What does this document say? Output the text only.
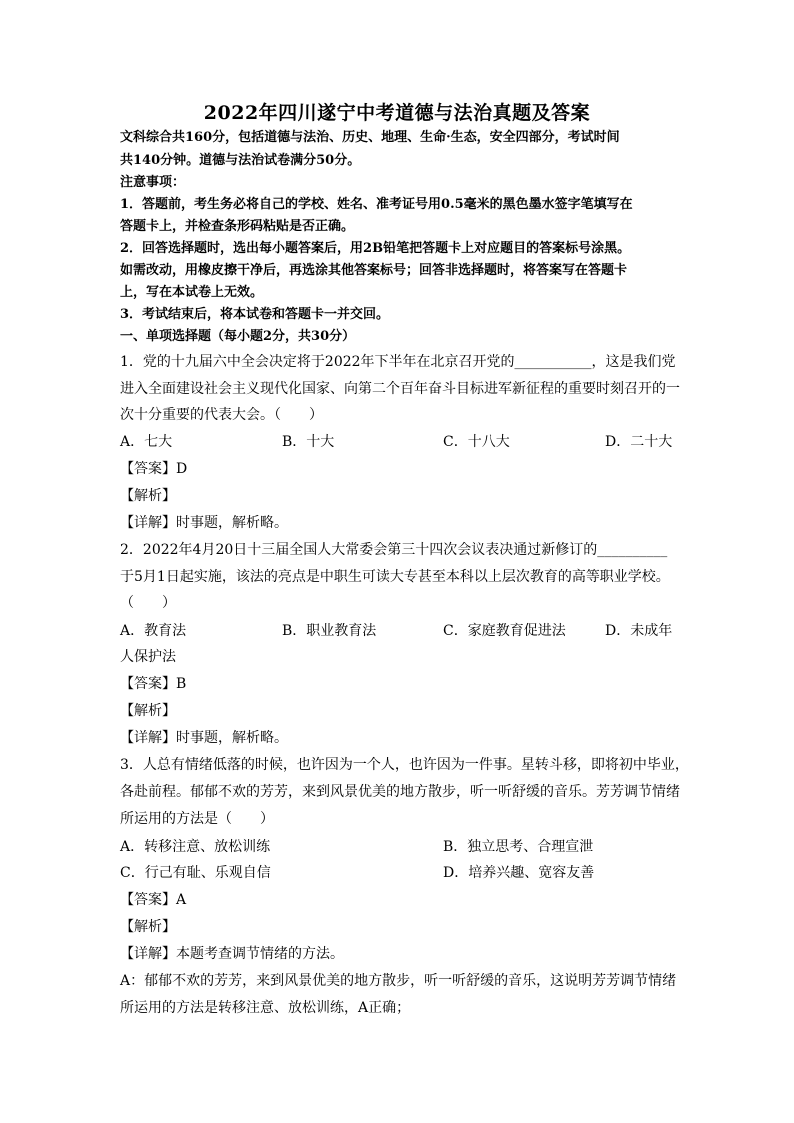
2022年四川遂宁中考道德与法治真题及答案
文科综合共160分，包括道德与法治、历史、地理、生命·生态，安全四部分，考试时间
共140分钟。道德与法治试卷满分50分。
注意事项：
1．答题前，考生务必将自己的学校、姓名、准考证号用0.5毫米的黑色墨水签字笔填写在
答题卡上，并检查条形码粘贴是否正确。
2．回答选择题时，选出每小题答案后，用2B铅笔把答题卡上对应题目的答案标号涂黑。
如需改动，用橡皮擦干净后，再选涂其他答案标号；回答非选择题时，将答案写在答题卡
上，写在本试卷上无效。
3．考试结束后，将本试卷和答题卡一并交回。
一、单项选择题（每小题2分，共30分）
1．党的十九届六中全会决定将于2022年下半年在北京召开党的___________，这是我们党
进入全面建设社会主义现代化国家、向第二个百年奋斗目标进军新征程的重要时刻召开的一
次十分重要的代表大会。（　　）
A．七大	B．十大	C．十八大	D．二十大
【答案】D
【解析】
【详解】时事题，解析略。
2．2022年4月20日十三届全国人大常委会第三十四次会议表决通过新修订的__________
于5月1日起实施，该法的亮点是中职生可读大专甚至本科以上层次教育的高等职业学校。
（　　）
A．教育法	B．职业教育法	C．家庭教育促进法	D．未成年
人保护法
【答案】B
【解析】
【详解】时事题，解析略。
3．人总有情绪低落的时候，也许因为一个人，也许因为一件事。星转斗移，即将初中毕业，
各赴前程。郁郁不欢的芳芳，来到风景优美的地方散步，听一听舒缓的音乐。芳芳调节情绪
所运用的方法是（　　）
A．转移注意、放松训练	B．独立思考、合理宣泄
C．行己有耻、乐观自信	D．培养兴趣、宽容友善
【答案】A
【解析】
【详解】本题考查调节情绪的方法。
A：郁郁不欢的芳芳，来到风景优美的地方散步，听一听舒缓的音乐，这说明芳芳调节情绪
所运用的方法是转移注意、放松训练，A正确；
